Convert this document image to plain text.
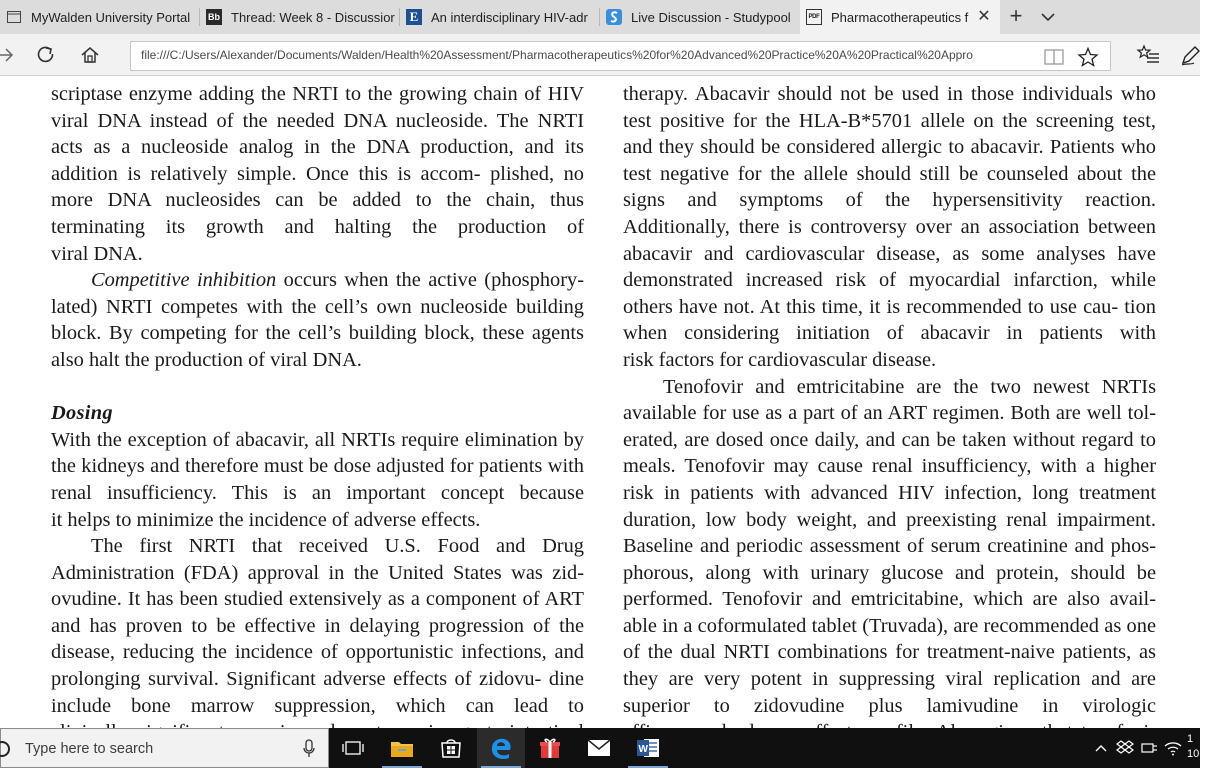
MyWalden University Portal Bb Thread: Week 8 - Discussior E An interdisciplinary HIV-adr	Live Discussion - Studypool	PDF Pharmacotherapeutics f ✕ +
file:///C:/Users/Alexander/Documents/Walden/Health%20Assessment/Pharmacotherapeutics%20for%20Advanced%20Practice%20A%20Practical%20Appro

scriptase enzyme adding the NRTI to the growing chain of HIV viral DNA instead of the needed DNA nucleoside. The NRTI acts as a nucleoside analog in the DNA production, and its addition is relatively simple. Once this is accom- plished, no more DNA nucleosides can be added to the chain, thus terminating its growth and halting the production of

viral DNA.

Competitive inhibition occurs when the active (phosphory- lated) NRTI competes with the cell’s own nucleoside building block. By competing for the cell’s building block, these agents

also halt the production of viral DNA.

Dosing

With the exception of abacavir, all NRTIs require elimination by the kidneys and therefore must be dose adjusted for patients with renal insufficiency. This is an important concept because

it helps to minimize the incidence of adverse effects.

The first NRTI that received U.S. Food and Drug Administration (FDA) approval in the United States was zid- ovudine. It has been studied extensively as a component of ART and has proven to be effective in delaying progression of the disease, reducing the incidence of opportunistic infections, and prolonging survival. Significant adverse effects of zidovu- dine include bone marrow suppression, which can lead to

therapy. Abacavir should not be used in those individuals who test positive for the HLA-B*5701 allele on the screening test, and they should be considered allergic to abacavir. Patients who test negative for the allele should still be counseled about the signs and symptoms of the hypersensitivity reaction. Additionally, there is controversy over an association between abacavir and cardiovascular disease, as some analyses have demonstrated increased risk of myocardial infarction, while others have not. At this time, it is recommended to use cau- tion when considering initiation of abacavir in patients with

risk factors for cardiovascular disease.

Tenofovir and emtricitabine are the two newest NRTIs available for use as a part of an ART regimen. Both are well tol- erated, are dosed once daily, and can be taken without regard to meals. Tenofovir may cause renal insufficiency, with a higher risk in patients with advanced HIV infection, long treatment duration, low body weight, and preexisting renal impairment. Baseline and periodic assessment of serum creatinine and phos- phorous, along with urinary glucose and protein, should be performed. Tenofovir and emtricitabine, which are also avail- able in a coformulated tablet (Truvada), are recommended as one of the dual NRTI combinations for treatment-naive patients, as they are very potent in suppressing viral replication and are superior to zidovudine plus lamivudine in virologic

Type here to search	W
1
10
